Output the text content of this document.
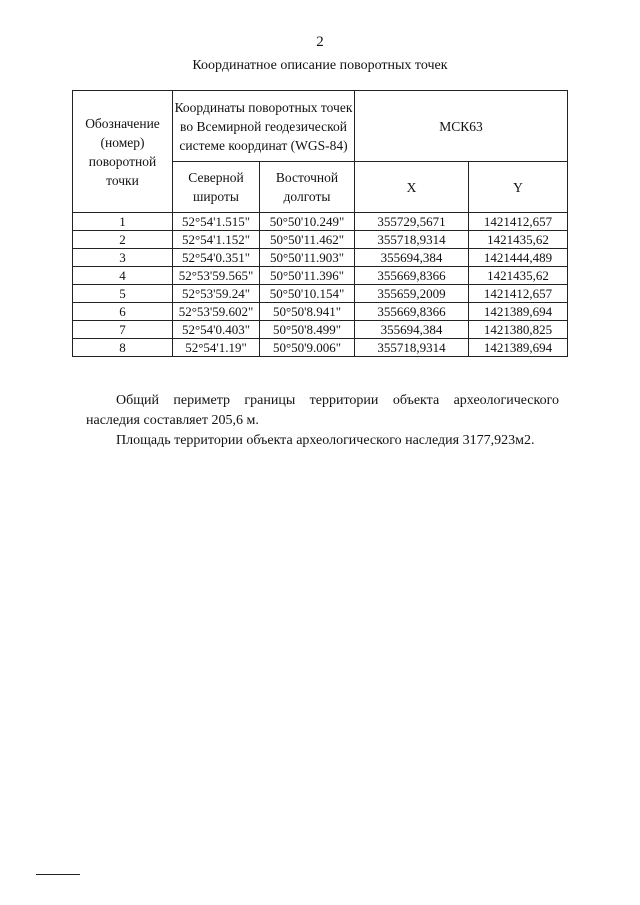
2
Координатное описание поворотных точек
Обозначение (номер) поворотной точки	Координаты поворотных точек во Всемирной геодезической системе координат (WGS-84)		МСК63	
	Северной широты	Восточной долготы	X	Y
1	52°54'1.515"	50°50'10.249"	355729,5671	1421412,657
2	52°54'1.152"	50°50'11.462"	355718,9314	1421435,62
3	52°54'0.351"	50°50'11.903"	355694,384	1421444,489
4	52°53'59.565"	50°50'11.396"	355669,8366	1421435,62
5	52°53'59.24"	50°50'10.154"	355659,2009	1421412,657
6	52°53'59.602"	50°50'8.941"	355669,8366	1421389,694
7	52°54'0.403"	50°50'8.499"	355694,384	1421380,825
8	52°54'1.19"	50°50'9.006"	355718,9314	1421389,694

Общий периметр границы территории объекта археологического наследия составляет 205,6 м.

Площадь территории объекта археологического наследия 3177,923м2.
